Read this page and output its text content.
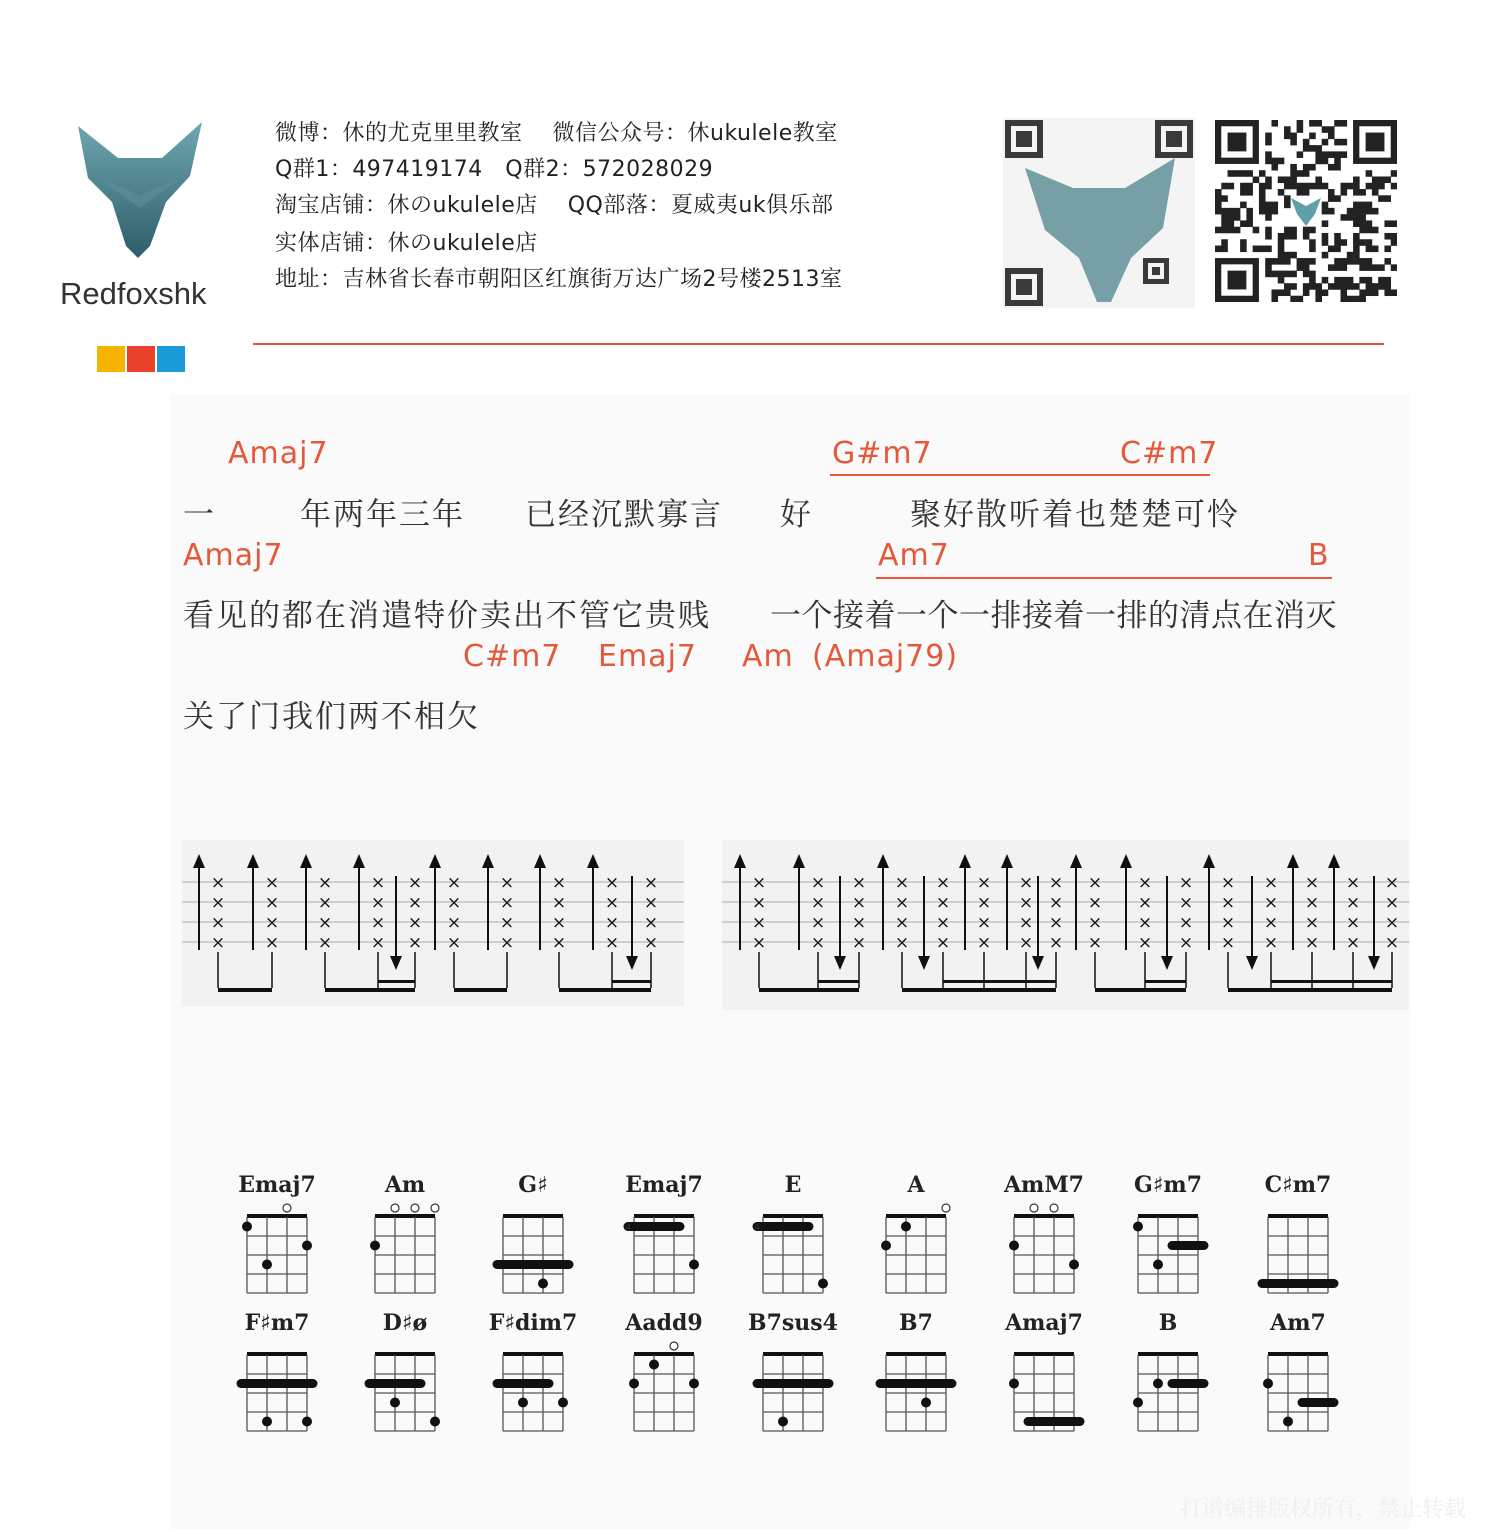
Redfoxshk
微博：休的尤克里里教室　 微信公众号：休ukulele教室
Q群1：497419174　Q群2：572028029
淘宝店铺：休のukulele店　 QQ部落：夏威夷uk俱乐部
实体店铺：休のukulele店
地址：吉林省长春市朝阳区红旗街万达广场2号楼2513室
Amaj7	G#m7	C#m7
一	年两年三年 已经沉默寡言 好	聚好散听着也楚楚可怜
Amaj7	Am7	B
看见的都在消遣特价卖出不管它贵贱 一个接着一个一排接着一排的清点在消灭
C#m7 Emaj7 Am (Amaj79)
关了门我们两不相欠
×
×
×
×
×
×
×
×
×
×
×
×
×
×
×
×
×
×
×
×
×
×
×
×
×
×
×
×
×
×
×
×
×
×
×
×
×
×
×
×
×
×
×
×
×
×
×
×
×
×
×
×
×
×
×
×
×
×
×
×
×
×
×
×
×
×
×
×
×
×
×
×
×
×
×
×
×
×
×
×
×
×
×
×
×
×
×
×
×
×
×
×
×
×
×
×
×
×
×
×
×
×
×
×
Emaj7	Am	G♯	Emaj7
4
E
4
A	AmM7	G♯m7	C♯m7
F♯m7	D♯ø	F♯dim7	Aadd9	B7sus4	B7	Amaj7	B	Am7
打谱编排版权所有，禁止转载
